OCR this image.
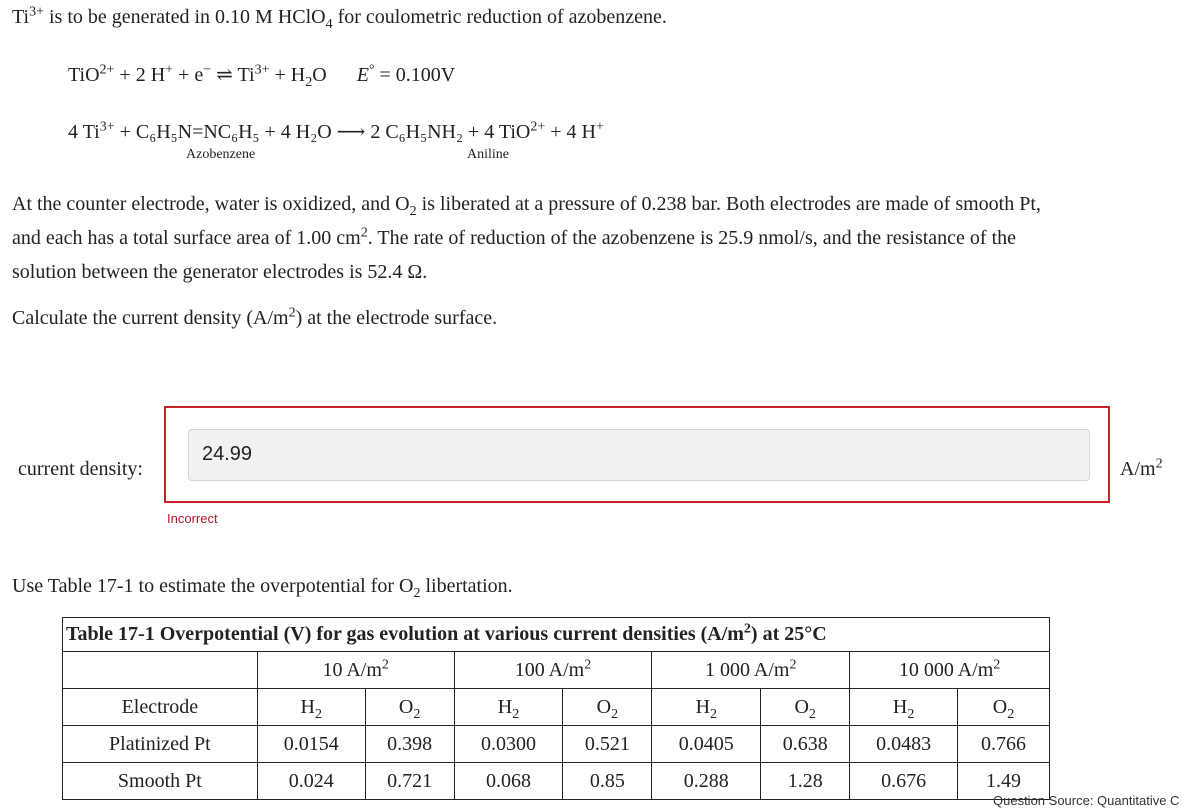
$Ti^{3+}$ is to be generated in 0.10 M HClO$_4$ for coulometric reduction of azobenzene.
TiO$^{2+}$ + 2 H+ + e− ⇌ $Ti^{3+} + H_2O$ E° = 0.100V
4 $Ti^{3+} + C_6H_5N=NC_6H_5 + 4$ H₂O ⟶ 2 C₆H₅NH₂ + 4 TiO$^{2+}$ + 4 H+
Azobenzene	Aniline
At the counter electrode, water is oxidized, and $O_2$ is liberated at a pressure of 0.238 bar. Both electrodes are made of smooth Pt,
and each has a total surface area of 1.00 $cm^2$. The rate of reduction of the azobenzene is 25.9 nmol/s, and the resistance of the
solution between the generator electrodes is 52.4 Ω.
Calculate the current density $(A/m^2)$ at the electrode surface.
current density:
24.99
$A/m^2$
Incorrect
Use Table 17-1 to estimate the overpotential for $O_2$ libertation.
Table 17-1 Overpotential (V) for gas evolution at various current densities $(A/m^2)$ at 25°C								
	10 $A/m^2$		100 $A/m^2$		1 000 $A/m^2$		10 000 $A/m^2$
Electrode	$H_2$	$O_2$	$H_2$	$O_2$	$H_2$	$O_2$	$H_2$	$O_2$
Platinized Pt	0.0154	0.398	0.0300	0.521	0.0405	0.638	0.0483	0.766
Smooth Pt	0.024	0.721	0.068	0.85	0.288	1.28	0.676	1.49
Question Source: Quantitative C
